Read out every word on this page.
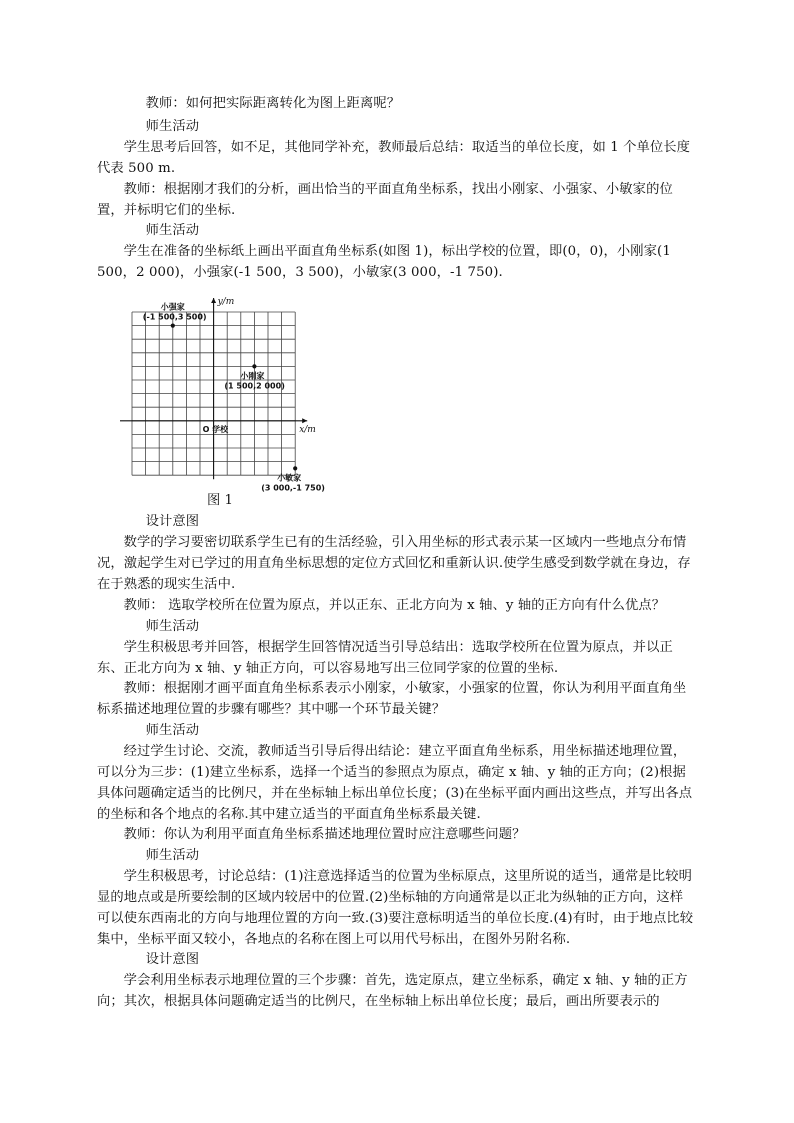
教师：如何把实际距离转化为图上距离呢？

师生活动

学生思考后回答，如不足，其他同学补充，教师最后总结：取适当的单位长度，如 1 个单位长度代表 500 m.

教师：根据刚才我们的分析，画出恰当的平面直角坐标系，找出小刚家、小强家、小敏家的位置，并标明它们的坐标.

师生活动

学生在准备的坐标纸上画出平面直角坐标系(如图 1)，标出学校的位置，即(0，0)，小刚家(1 500，2 000)，小强家(-1 500，3 500)，小敏家(3 000，-1 750).

y/m
x/m
O 学校
小强家
(-1 500,3 500)
小刚家
(1 500,2 000)
小敏家
(3 000,-1 750)
图 1

设计意图

数学的学习要密切联系学生已有的生活经验，引入用坐标的形式表示某一区域内一些地点分布情况，激起学生对已学过的用直角坐标思想的定位方式回忆和重新认识.使学生感受到数学就在身边，存在于熟悉的现实生活中.

教师： 选取学校所在位置为原点，并以正东、正北方向为 x 轴、y 轴的正方向有什么优点？

师生活动

学生积极思考并回答，根据学生回答情况适当引导总结出：选取学校所在位置为原点，并以正东、正北方向为 x 轴、y 轴正方向，可以容易地写出三位同学家的位置的坐标.

教师：根据刚才画平面直角坐标系表示小刚家，小敏家，小强家的位置，你认为利用平面直角坐标系描述地理位置的步骤有哪些？其中哪一个环节最关键？

师生活动

经过学生讨论、交流，教师适当引导后得出结论：建立平面直角坐标系，用坐标描述地理位置，可以分为三步：(1)建立坐标系，选择一个适当的参照点为原点，确定 x 轴、y 轴的正方向；(2)根据具体问题确定适当的比例尺，并在坐标轴上标出单位长度；(3)在坐标平面内画出这些点，并写出各点的坐标和各个地点的名称.其中建立适当的平面直角坐标系最关键.

教师：你认为利用平面直角坐标系描述地理位置时应注意哪些问题？

师生活动

学生积极思考，讨论总结：(1)注意选择适当的位置为坐标原点，这里所说的适当，通常是比较明显的地点或是所要绘制的区域内较居中的位置.(2)坐标轴的方向通常是以正北为纵轴的正方向，这样可以使东西南北的方向与地理位置的方向一致.(3)要注意标明适当的单位长度.(4)有时，由于地点比较集中，坐标平面又较小，各地点的名称在图上可以用代号标出，在图外另附名称.

设计意图

学会利用坐标表示地理位置的三个步骤：首先，选定原点，建立坐标系，确定 x 轴、y 轴的正方向；其次，根据具体问题确定适当的比例尺，在坐标轴上标出单位长度；最后，画出所要表示的
